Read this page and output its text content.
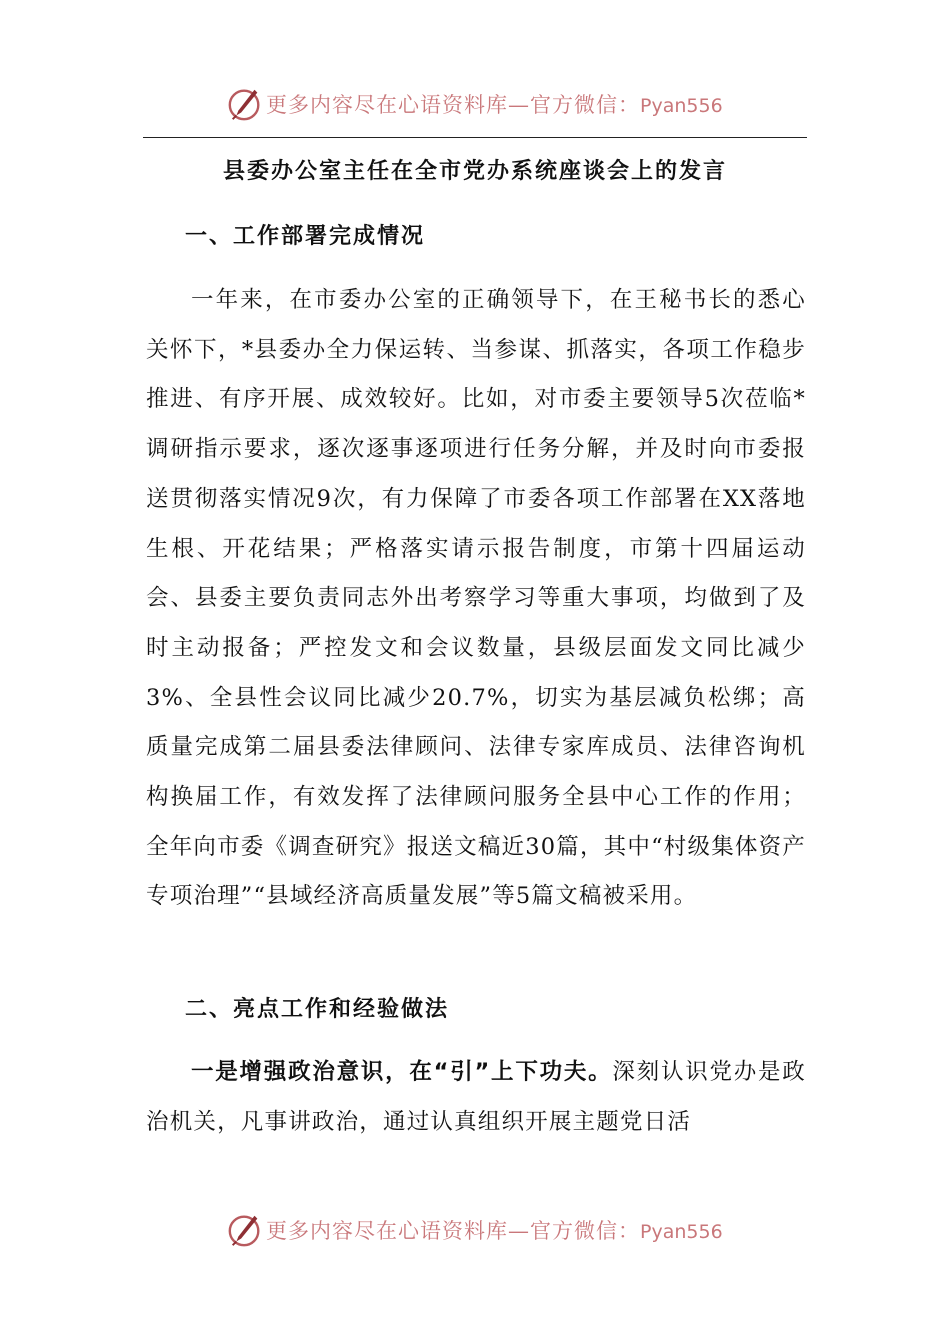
更多内容尽在心语资料库—官方微信：Pyan556
县委办公室主任在全市党办系统座谈会上的发言
一、工作部署完成情况

一年来，在市委办公室的正确领导下，在王秘书长的悉心关怀下，*县委办全力保运转、当参谋、抓落实，各项工作稳步推进、有序开展、成效较好。比如，对市委主要领导5次莅临*调研指示要求，逐次逐事逐项进行任务分解，并及时向市委报送贯彻落实情况9次，有力保障了市委各项工作部署在XX落地生根、开花结果；严格落实请示报告制度，市第十四届运动会、县委主要负责同志外出考察学习等重大事项，均做到了及时主动报备；严控发文和会议数量，县级层面发文同比减少3%、全县性会议同比减少20.7%，切实为基层减负松绑；高质量完成第二届县委法律顾问、法律专家库成员、法律咨询机构换届工作，有效发挥了法律顾问服务全县中心工作的作用；全年向市委《调查研究》报送文稿近30篇，其中“村级集体资产专项治理”“县域经济高质量发展”等5篇文稿被采用。

二、亮点工作和经验做法

一是增强政治意识，在“引”上下功夫。深刻认识党办是政治机关，凡事讲政治，通过认真组织开展主题党日活

更多内容尽在心语资料库—官方微信：Pyan556
